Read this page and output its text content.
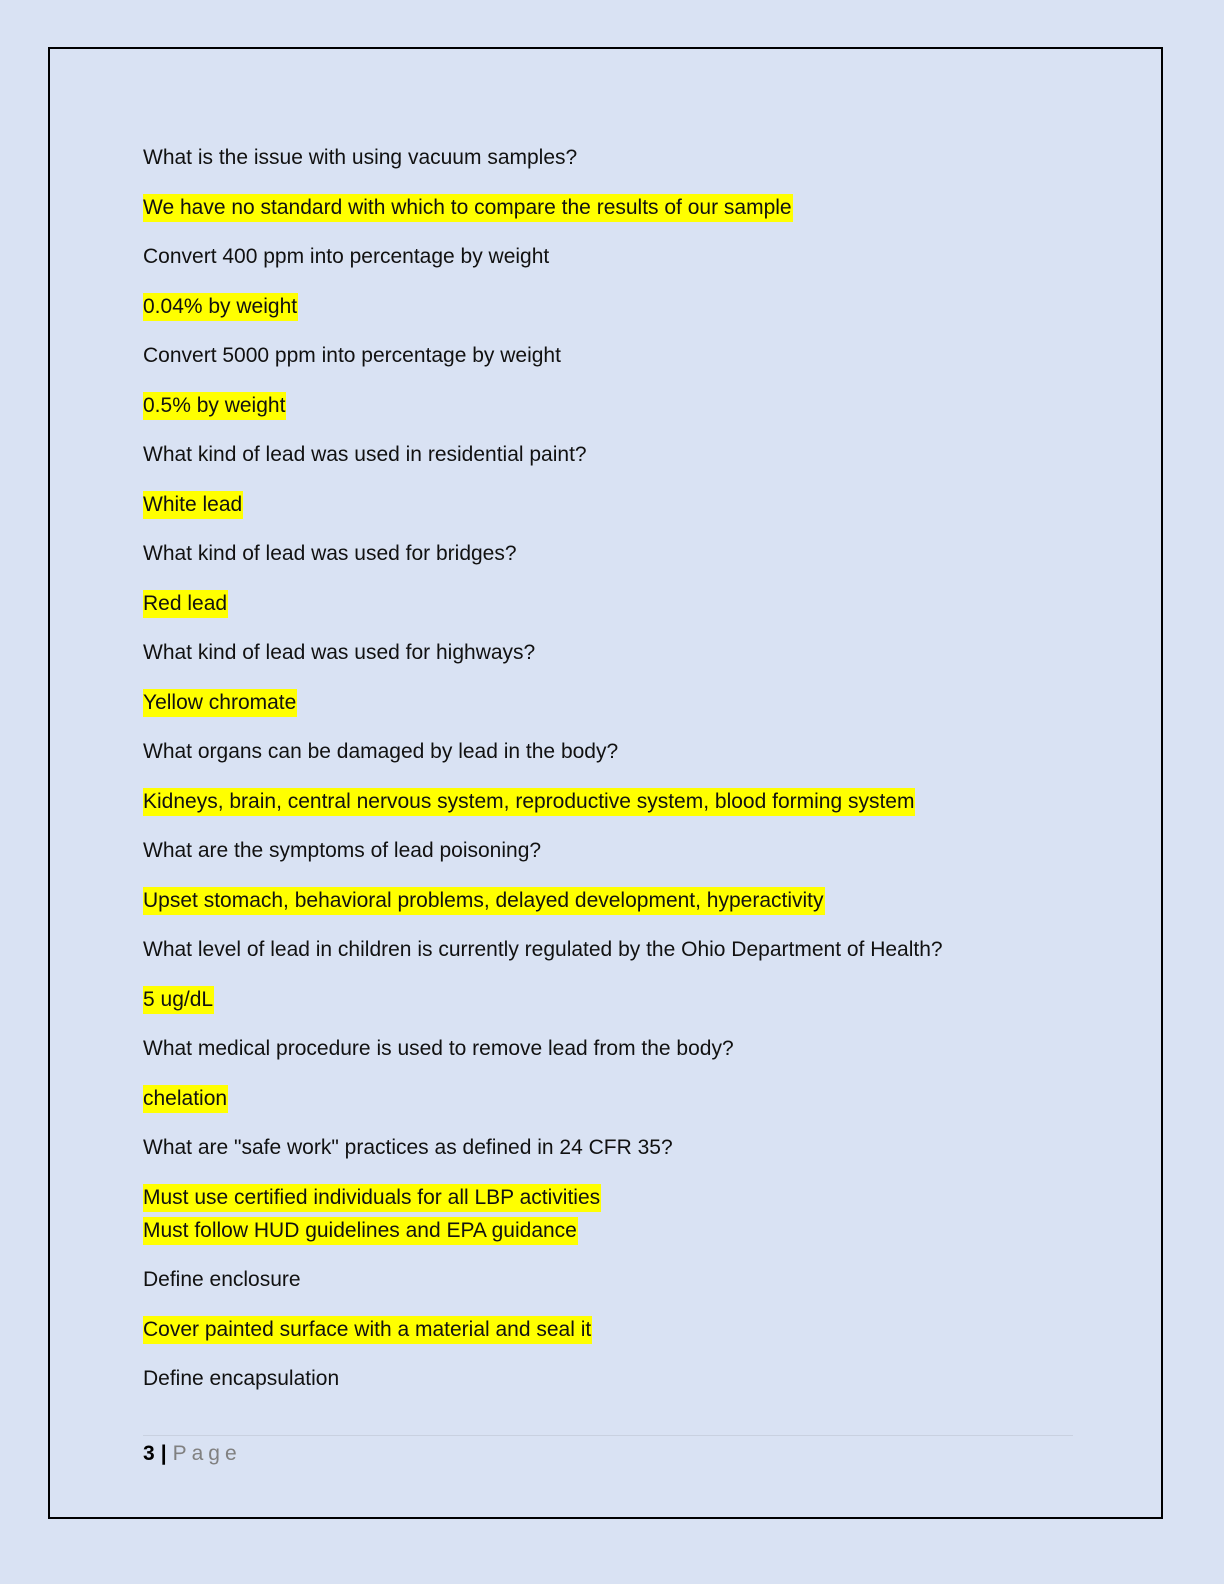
What is the issue with using vacuum samples?
We have no standard with which to compare the results of our sample
Convert 400 ppm into percentage by weight
0.04% by weight
Convert 5000 ppm into percentage by weight
0.5% by weight
What kind of lead was used in residential paint?
White lead
What kind of lead was used for bridges?
Red lead
What kind of lead was used for highways?
Yellow chromate
What organs can be damaged by lead in the body?
Kidneys, brain, central nervous system, reproductive system, blood forming system
What are the symptoms of lead poisoning?
Upset stomach, behavioral problems, delayed development, hyperactivity
What level of lead in children is currently regulated by the Ohio Department of Health?
5 ug/dL
What medical procedure is used to remove lead from the body?
chelation
What are "safe work" practices as defined in 24 CFR 35?
Must use certified individuals for all LBP activities
Must follow HUD guidelines and EPA guidance
Define enclosure
Cover painted surface with a material and seal it
Define encapsulation
3 | Page
